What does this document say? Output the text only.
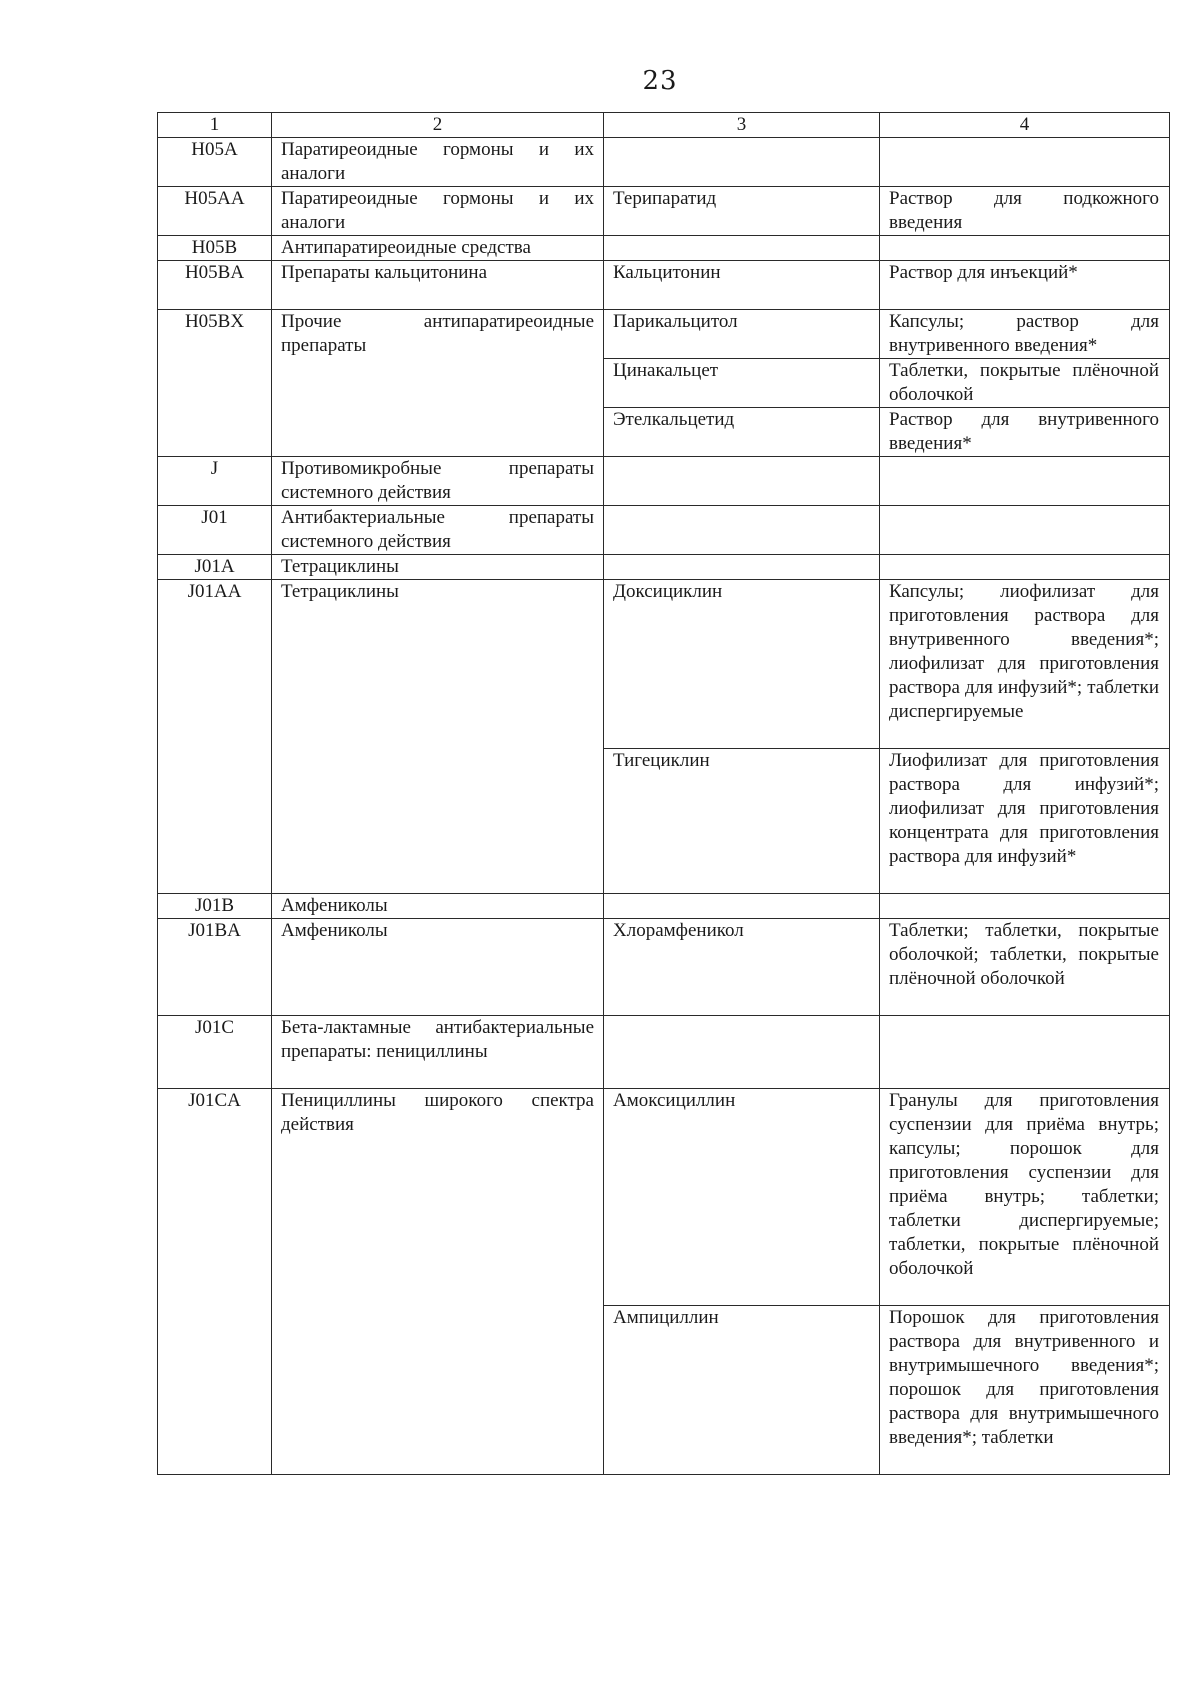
23
1	2	3	4
H05A	Паратиреоидные гормоны и их аналоги		
H05AA	Паратиреоидные гормоны и их аналоги	Терипаратид	Раствор для подкожного введения
H05B	Антипаратиреоидные средства		
H05BA	Препараты кальцитонина	Кальцитонин	Раствор для инъекций*
H05BX	Прочие антипаратиреоидные препараты	Парикальцитол	Капсулы; раствор для внутривенного введения*
		Цинакальцет	Таблетки, покрытые плёночной оболочкой
		Этелкальцетид	Раствор для внутривенного введения*
J	Противомикробные препараты системного действия		
J01	Антибактериальные препараты системного действия		
J01A	Тетрациклины		
J01AA	Тетрациклины	Доксициклин	Капсулы; лиофилизат для приготовления раствора для внутривенного введения*; лиофилизат для приготовления раствора для инфузий*; таблетки диспергируемые
		Тигециклин	Лиофилизат для приготовления раствора для инфузий*; лиофилизат для приготовления концентрата для приготовления раствора для инфузий*
J01B	Амфениколы		
J01BA	Амфениколы	Хлорамфеникол	Таблетки; таблетки, покрытые оболочкой; таблетки, покрытые плёночной оболочкой
J01C	Бета-лактамные антибактериальные препараты: пенициллины		
J01CA	Пенициллины широкого спектра действия	Амоксициллин	Гранулы для приготовления суспензии для приёма внутрь; капсулы; порошок для приготовления суспензии для приёма внутрь; таблетки; таблетки диспергируемые; таблетки, покрытые плёночной оболочкой
		Ампициллин	Порошок для приготовления раствора для внутривенного и внутримышечного введения*; порошок для приготовления раствора для внутримышечного введения*; таблетки
